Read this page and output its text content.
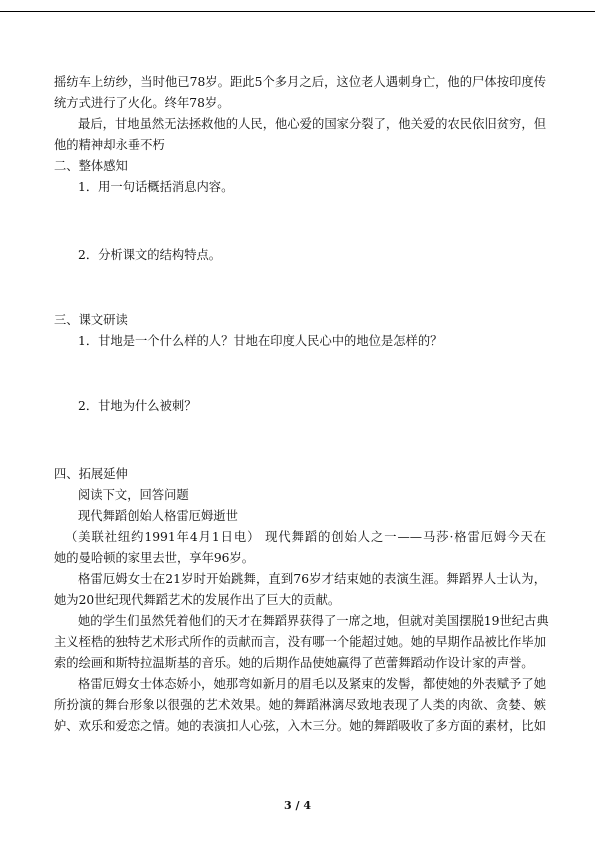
摇纺车上纺纱，当时他已78岁。距此5个多月之后，这位老人遇刺身亡，他的尸体按印度传
统方式进行了火化。终年78岁。
最后，甘地虽然无法拯救他的人民，他心爱的国家分裂了，他关爱的农民依旧贫穷，但
他的精神却永垂不朽
二、整体感知
1．用一句话概括消息内容。
2．分析课文的结构特点。
三、课文研读
1．甘地是一个什么样的人？甘地在印度人民心中的地位是怎样的？
2．甘地为什么被刺？
四、拓展延伸
阅读下文，回答问题
现代舞蹈创始人格雷厄姆逝世
（美联社纽约1991年4月1日电） 现代舞蹈的创始人之一——马莎·格雷厄姆今天在
她的曼哈顿的家里去世，享年96岁。
格雷厄姆女士在21岁时开始跳舞，直到76岁才结束她的表演生涯。舞蹈界人士认为，
她为20世纪现代舞蹈艺术的发展作出了巨大的贡献。
她的学生们虽然凭着他们的天才在舞蹈界获得了一席之地，但就对美国摆脱19世纪古典
主义桎梏的独特艺术形式所作的贡献而言，没有哪一个能超过她。她的早期作品被比作毕加
索的绘画和斯特拉温斯基的音乐。她的后期作品使她赢得了芭蕾舞蹈动作设计家的声誉。
格雷厄姆女士体态娇小，她那弯如新月的眉毛以及紧束的发髻，都使她的外表赋予了她
所扮演的舞台形象以很强的艺术效果。她的舞蹈淋漓尽致地表现了人类的肉欲、贪婪、嫉
妒、欢乐和爱恋之情。她的表演扣人心弦，入木三分。她的舞蹈吸收了多方面的素材，比如
3 / 4
